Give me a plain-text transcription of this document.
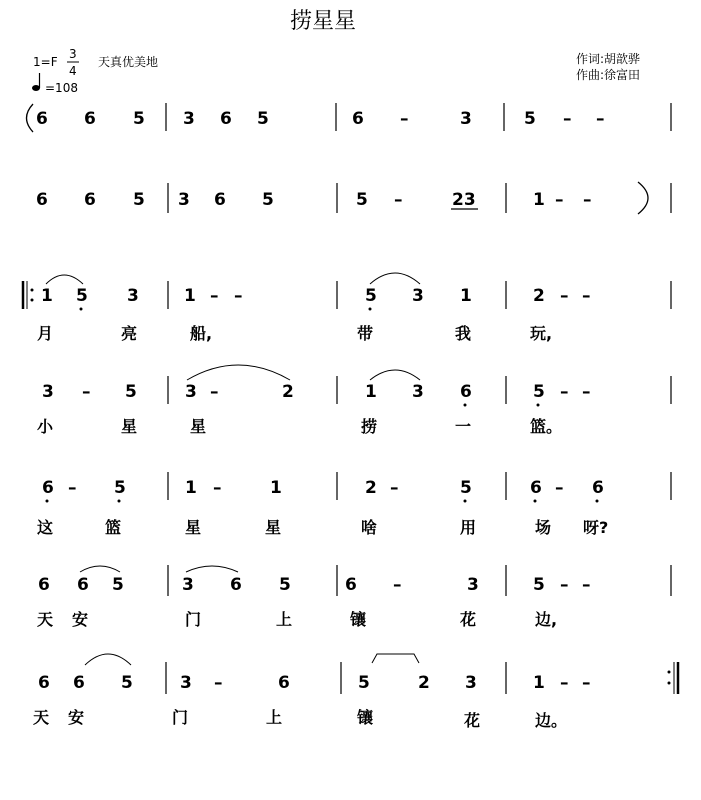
捞星星
1=F
3
4
天真优美地
=108
作词:胡歆骅
作曲:徐富田
6 6 5 3 6 5	6 –	3	5 – –
6 6 5 3 6 5	5 –	23	1 – –
1 5 3	1 – –	5 3 1	2 – –
月	亮	船,	带	我	玩,
3 – 5	3 –	2	1 3 6	5 – –
小	星	星	捞	一	篮。
6 – 5	1 –	1	2 –	5	6 – 6
这	篮	星	星	啥	用	场 呀?
6 6 5	3 6 5	6 –	3	5 – –
天 安	门	上	镶	花	边,
6 6 5	3 –	6	5	2 3	1 – –
天 安	门	上	镶	花	边。
